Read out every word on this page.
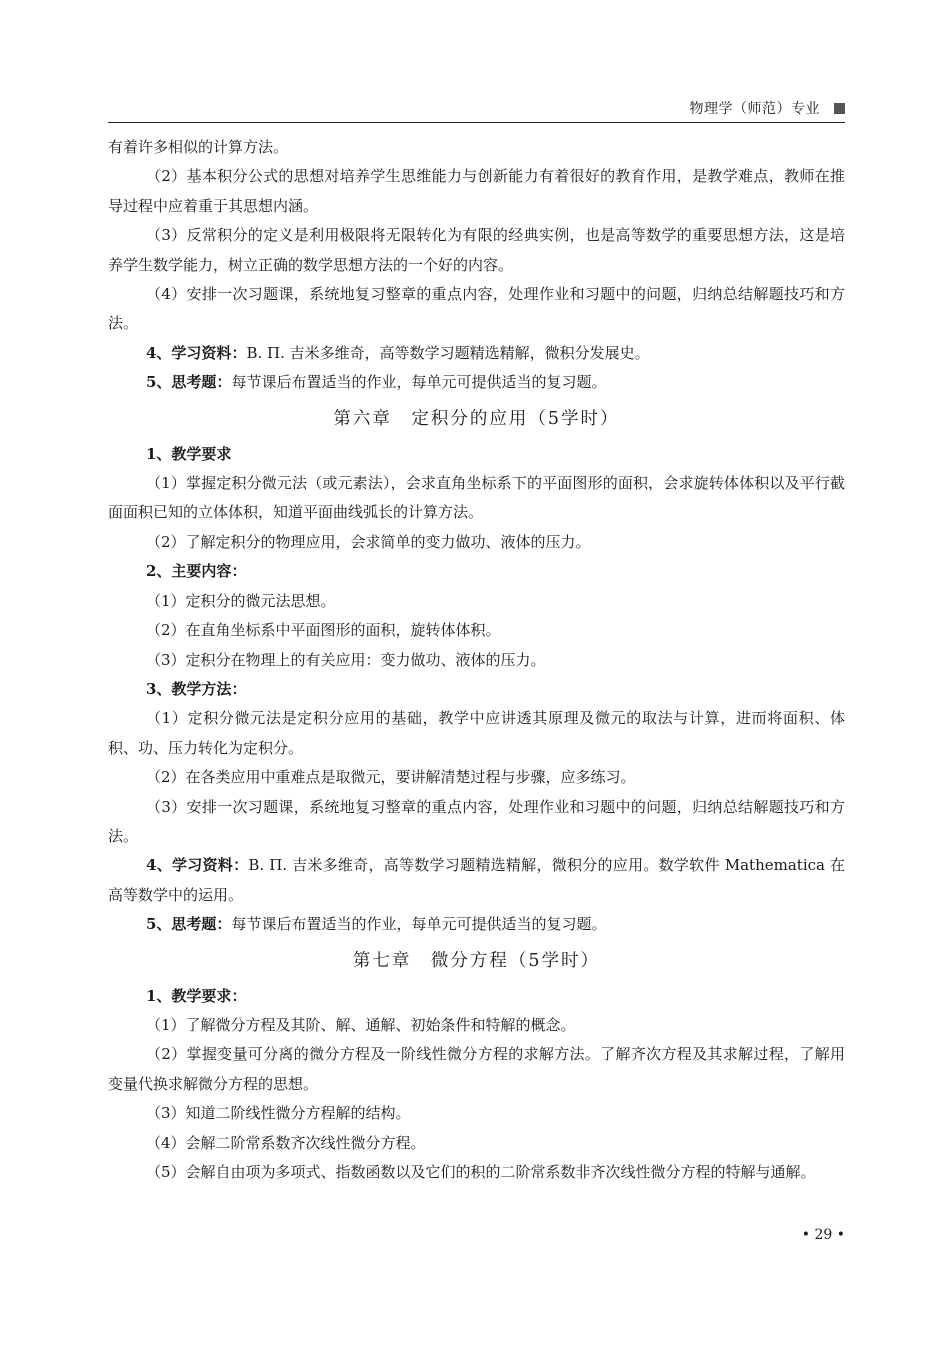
物理学（师范）专业

有着许多相似的计算方法。

（2）基本积分公式的思想对培养学生思维能力与创新能力有着很好的教育作用，是教学难点，教师在推导过程中应着重于其思想内涵。

（3）反常积分的定义是利用极限将无限转化为有限的经典实例，也是高等数学的重要思想方法，这是培养学生数学能力，树立正确的数学思想方法的一个好的内容。

（4）安排一次习题课，系统地复习整章的重点内容，处理作业和习题中的问题，归纳总结解题技巧和方法。

4、学习资料：В. П. 吉米多维奇，高等数学习题精选精解，微积分发展史。

5、思考题：每节课后布置适当的作业，每单元可提供适当的复习题。

第六章　定积分的应用（5学时）

1、教学要求

（1）掌握定积分微元法（或元素法），会求直角坐标系下的平面图形的面积，会求旋转体体积以及平行截面面积已知的立体体积，知道平面曲线弧长的计算方法。

（2）了解定积分的物理应用，会求简单的变力做功、液体的压力。

2、主要内容：

（1）定积分的微元法思想。

（2）在直角坐标系中平面图形的面积，旋转体体积。

（3）定积分在物理上的有关应用：变力做功、液体的压力。

3、教学方法：

（1）定积分微元法是定积分应用的基础，教学中应讲透其原理及微元的取法与计算，进而将面积、体积、功、压力转化为定积分。

（2）在各类应用中重难点是取微元，要讲解清楚过程与步骤，应多练习。

（3）安排一次习题课，系统地复习整章的重点内容，处理作业和习题中的问题，归纳总结解题技巧和方法。

4、学习资料：В. П. 吉米多维奇，高等数学习题精选精解，微积分的应用。数学软件 Mathematica 在高等数学中的运用。

5、思考题：每节课后布置适当的作业，每单元可提供适当的复习题。

第七章　微分方程（5学时）

1、教学要求：

（1）了解微分方程及其阶、解、通解、初始条件和特解的概念。

（2）掌握变量可分离的微分方程及一阶线性微分方程的求解方法。了解齐次方程及其求解过程，了解用变量代换求解微分方程的思想。

（3）知道二阶线性微分方程解的结构。

（4）会解二阶常系数齐次线性微分方程。

（5）会解自由项为多项式、指数函数以及它们的积的二阶常系数非齐次线性微分方程的特解与通解。

• 29 •
